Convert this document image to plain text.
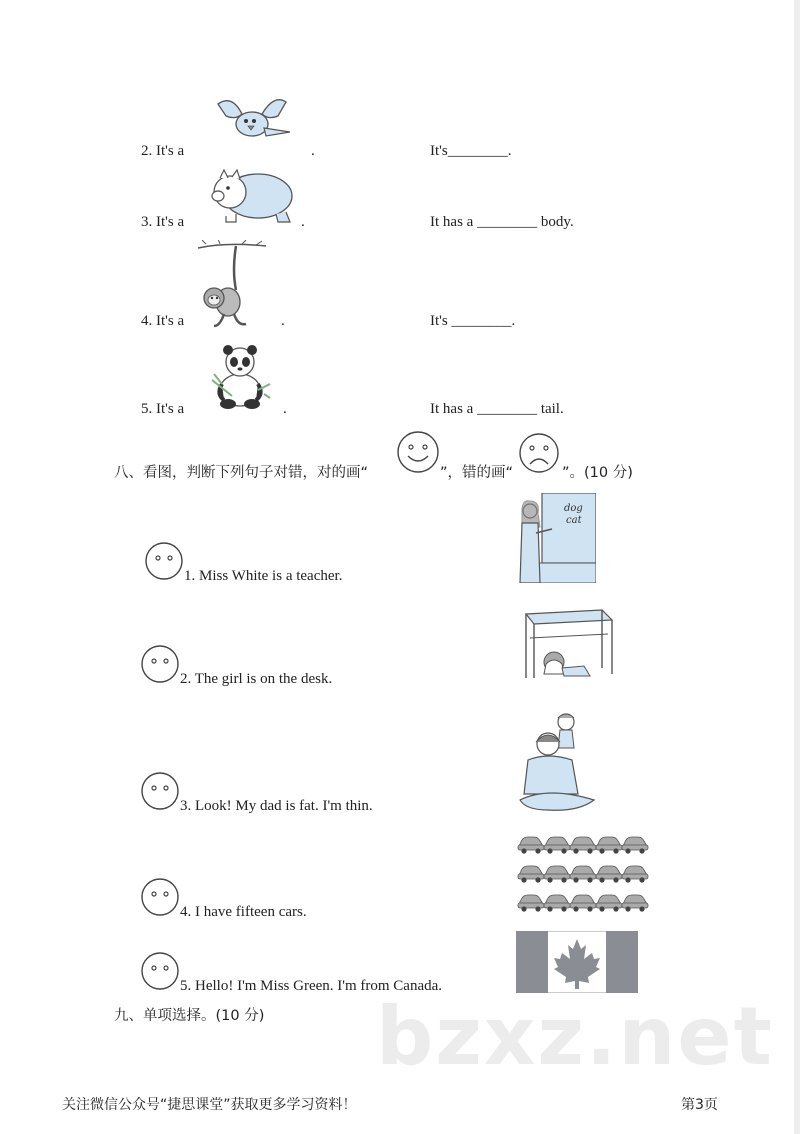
2. It's a	.	It's________.
3. It's a	.	It has a ________ body.
4. It's a	.	It's ________.
5. It's a	.	It has a ________ tail.
八、看图，判断下列句子对错，对的画“	”，错的画“	”。(10 分)
1. Miss White is a teacher.
dog
cat
2. The girl is on the desk.
3. Look! My dad is fat. I'm thin.
4. I have fifteen cars.
5. Hello! I'm Miss Green. I'm from Canada.
九、单项选择。(10 分) bzxz.net
关注微信公众号“捷思课堂”获取更多学习资料！	第3页
